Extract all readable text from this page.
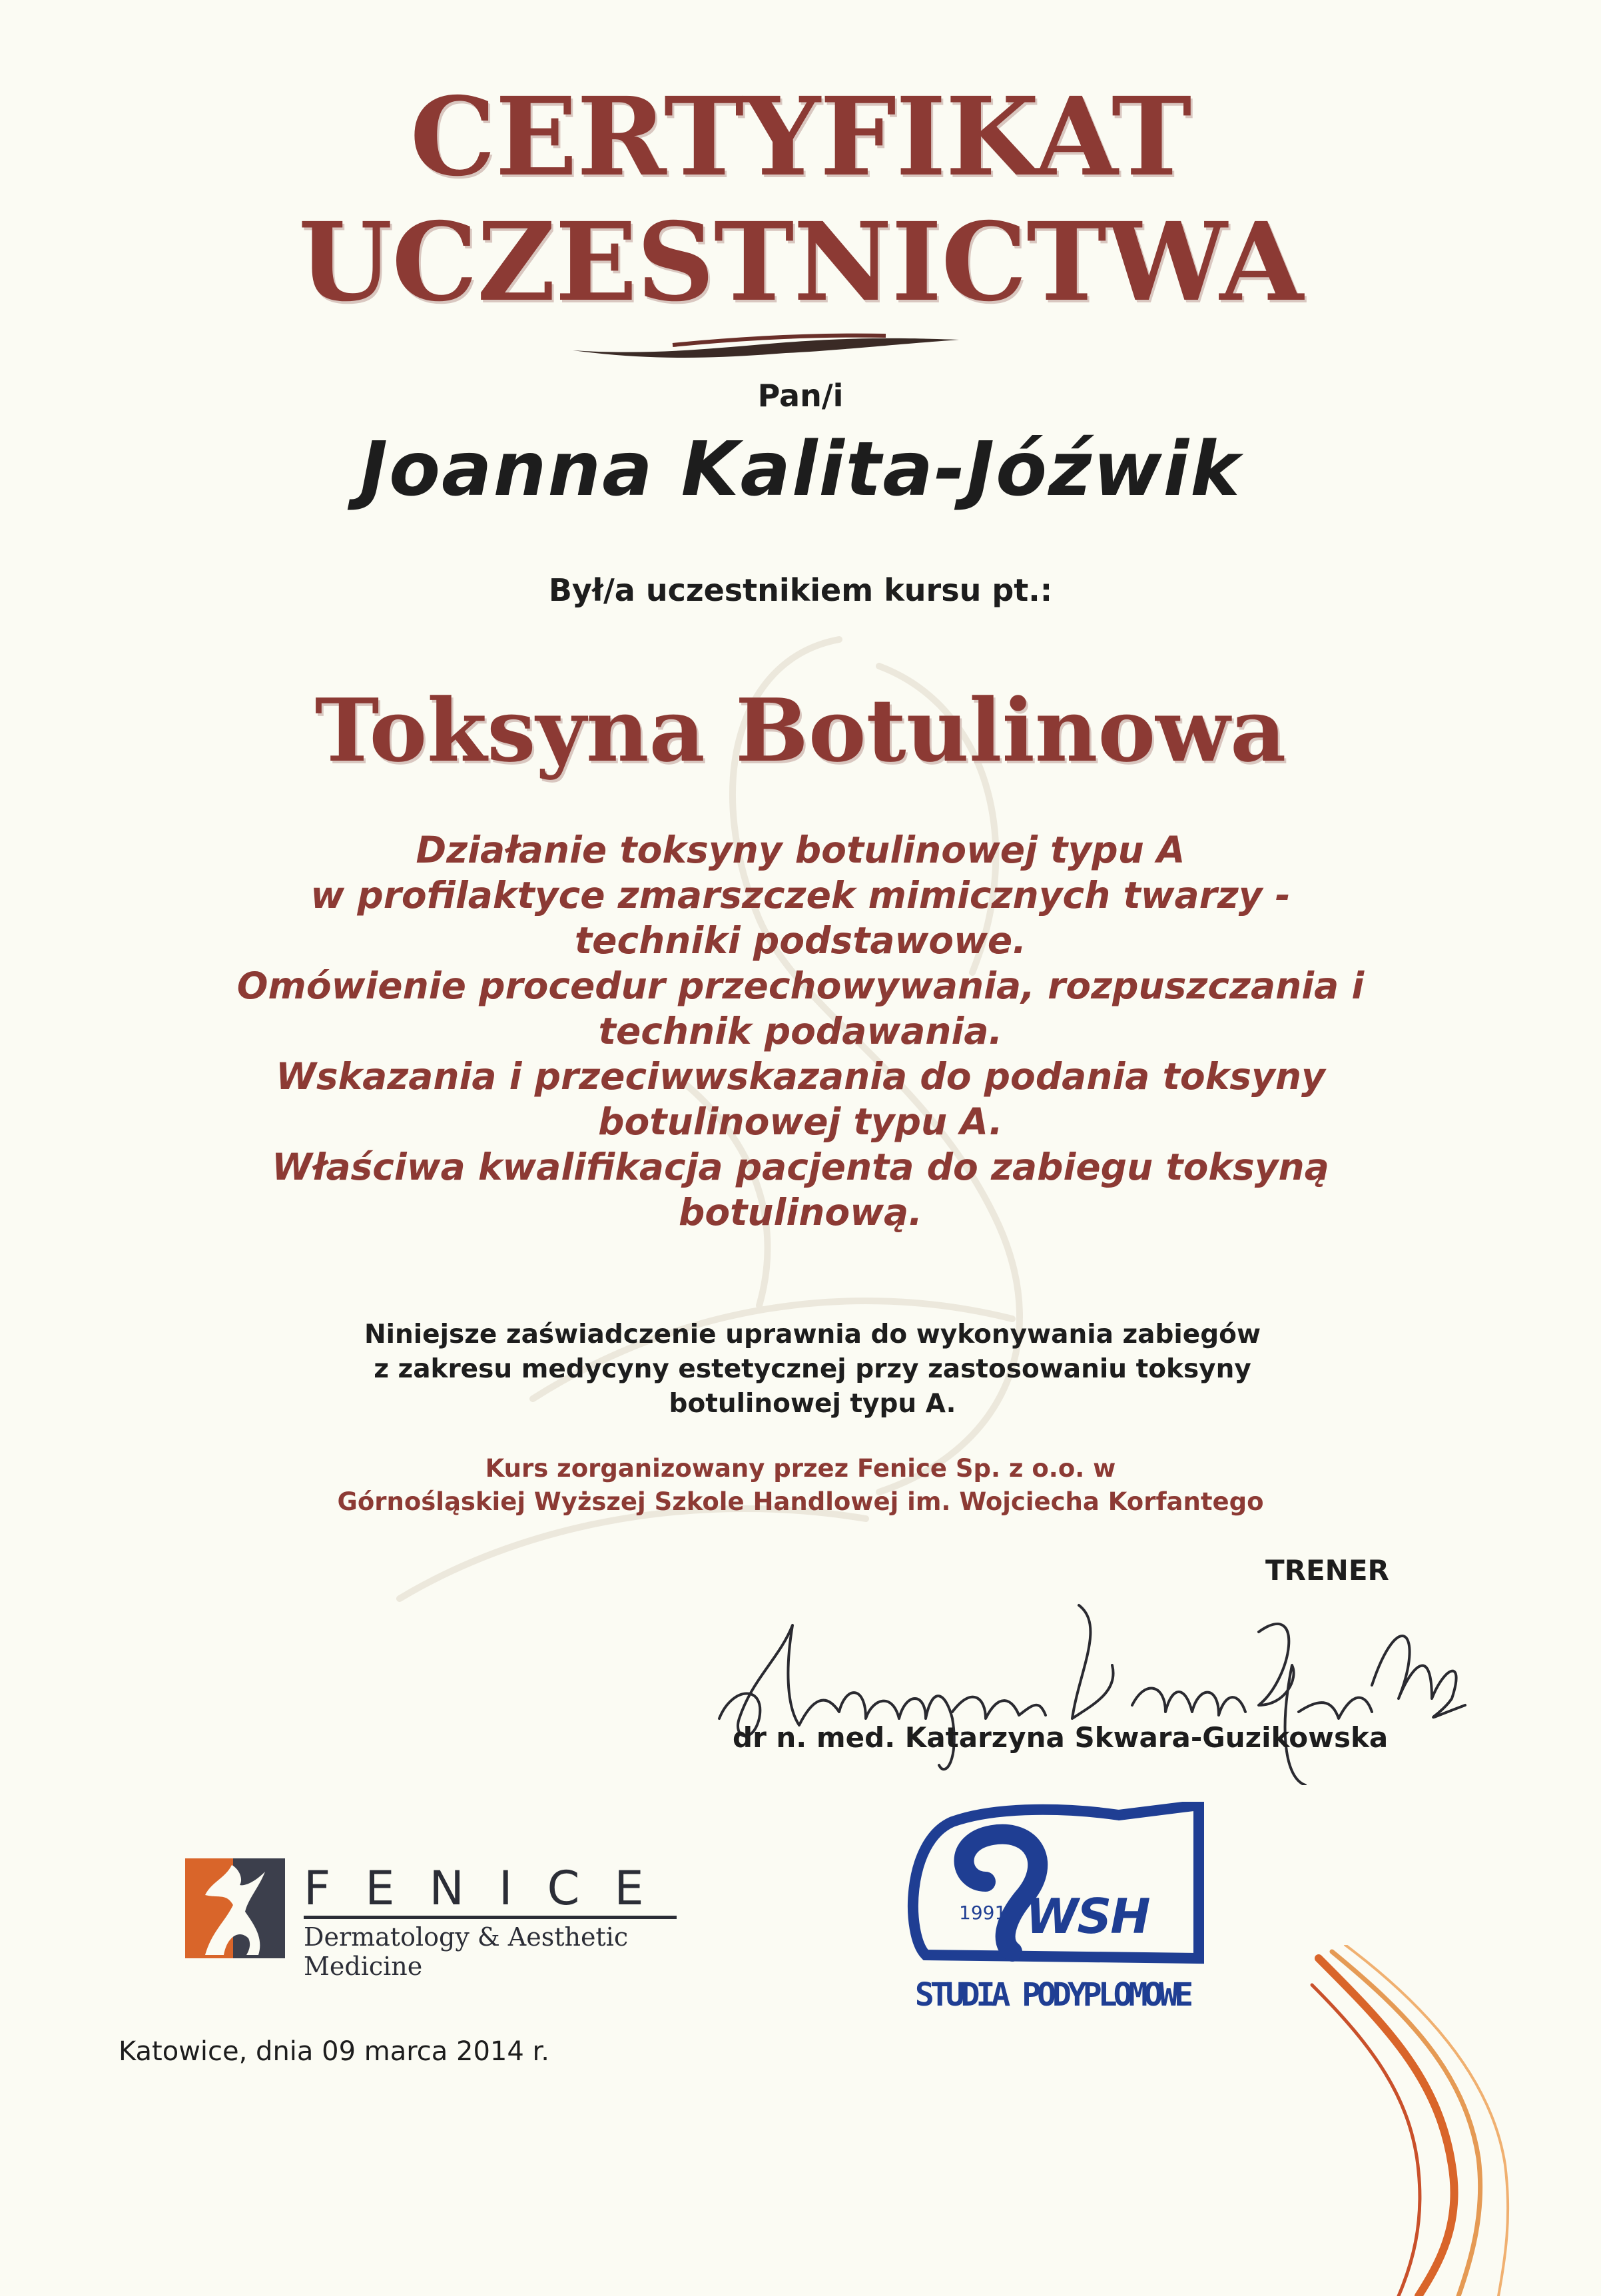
CERTYFIKAT
UCZESTNICTWA
Pan/i
Joanna Kalita-Jóźwik
Był/a uczestnikiem kursu pt.:
Toksyna Botulinowa
Działanie toksyny botulinowej typu A
w profilaktyce zmarszczek mimicznych twarzy -
techniki podstawowe.
Omówienie procedur przechowywania, rozpuszczania i
technik podawania.
Wskazania i przeciwwskazania do podania toksyny
botulinowej typu A.
Właściwa kwalifikacja pacjenta do zabiegu toksyną
botulinową.
Niniejsze zaświadczenie uprawnia do wykonywania zabiegów
z zakresu medycyny estetycznej przy zastosowaniu toksyny
botulinowej typu A.
Kurs zorganizowany przez Fenice Sp. z o.o. w
Górnośląskiej Wyższej Szkole Handlowej im. Wojciecha Korfantego
TRENER
dr n. med. Katarzyna Skwara-Guzikowska
FENICE
Dermatology & Aesthetic Medicine
1991 WSH
STUDIA PODYPLOMOWE
Katowice, dnia 09 marca 2014 r.
